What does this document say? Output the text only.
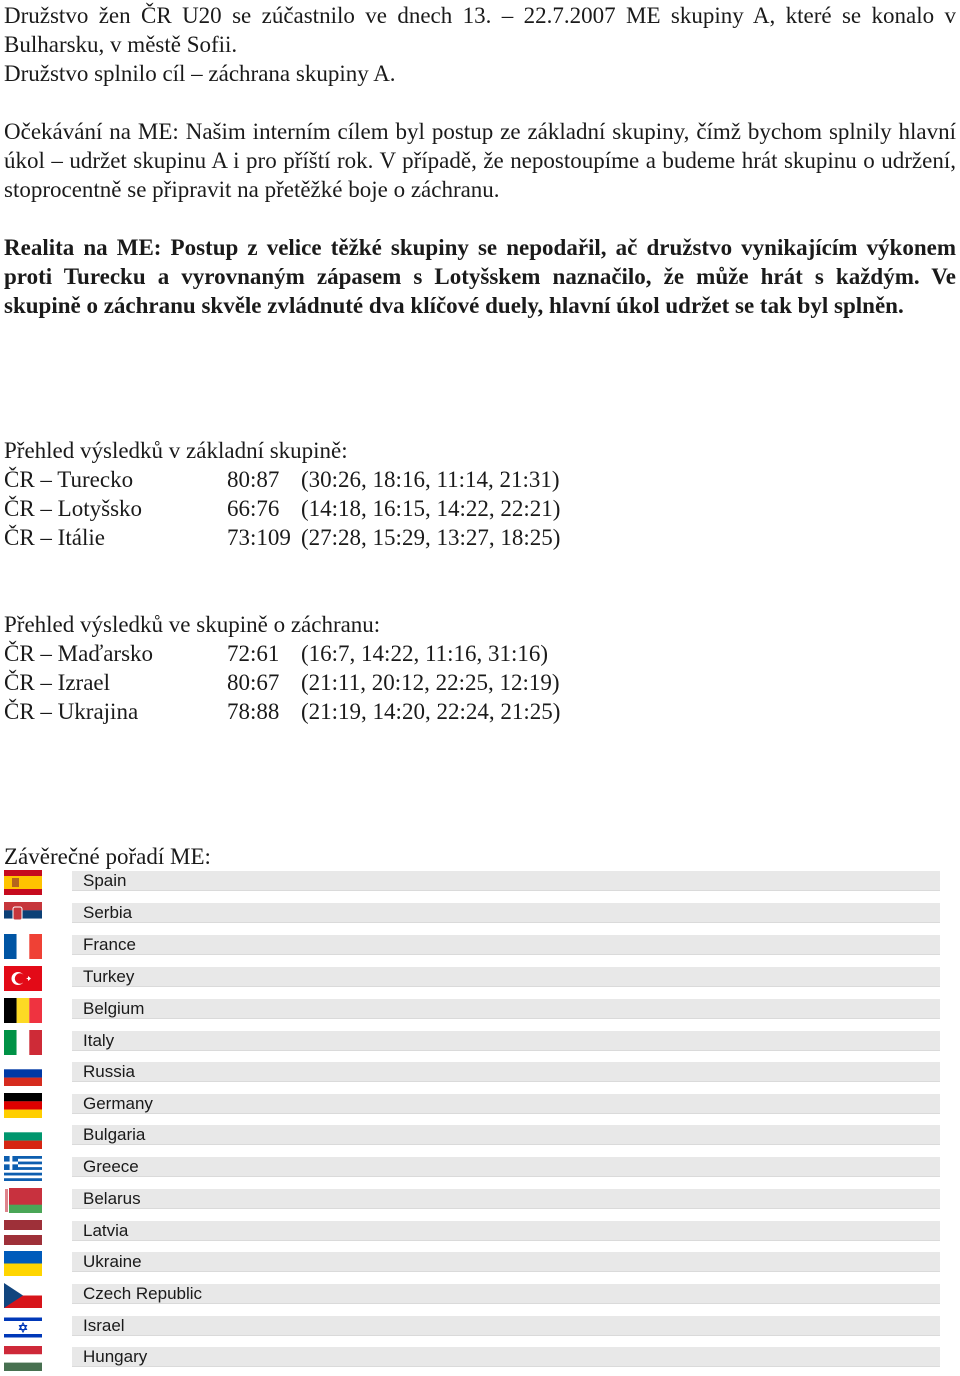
Družstvo žen ČR U20 se zúčastnilo ve dnech 13. – 22.7.2007 ME skupiny A, které se konalo v Bulharsku, v městě Sofii.

Družstvo splnilo cíl – záchrana skupiny A.

Očekávání na ME: Našim interním cílem byl postup ze základní skupiny, čímž bychom splnily hlavní úkol – udržet skupinu A i pro příští rok. V případě, že nepostoupíme a budeme hrát skupinu o udržení, stoprocentně se připravit na přetěžké boje o záchranu.

Realita na ME: Postup z velice těžké skupiny se nepodařil, ač družstvo vynikajícím výkonem proti Turecku a vyrovnaným zápasem s Lotyšskem naznačilo, že může hrát s každým. Ve skupině o záchranu skvěle zvládnuté dva klíčové duely, hlavní úkol udržet se tak byl splněn.

Přehled výsledků v základní skupině:

ČR – Turecko	80:87 (30:26, 18:16, 11:14, 21:31)
ČR – Lotyšsko	66:76 (14:18, 16:15, 14:22, 22:21)
ČR – Itálie	73:109 (27:28, 15:29, 13:27, 18:25)

Přehled výsledků ve skupině o záchranu:

ČR – Maďarsko	72:61 (16:7, 14:22, 11:16, 31:16)
ČR – Izrael	80:67 (21:11, 20:12, 22:25, 12:19)
ČR – Ukrajina	78:88 (21:19, 14:20, 22:24, 21:25)

Závěrečné pořadí ME:

Spain
Serbia
France
Turkey
Belgium
Italy
Russia
Germany
Bulgaria
Greece
Belarus
Latvia
Ukraine
Czech Republic
Israel
Hungary
